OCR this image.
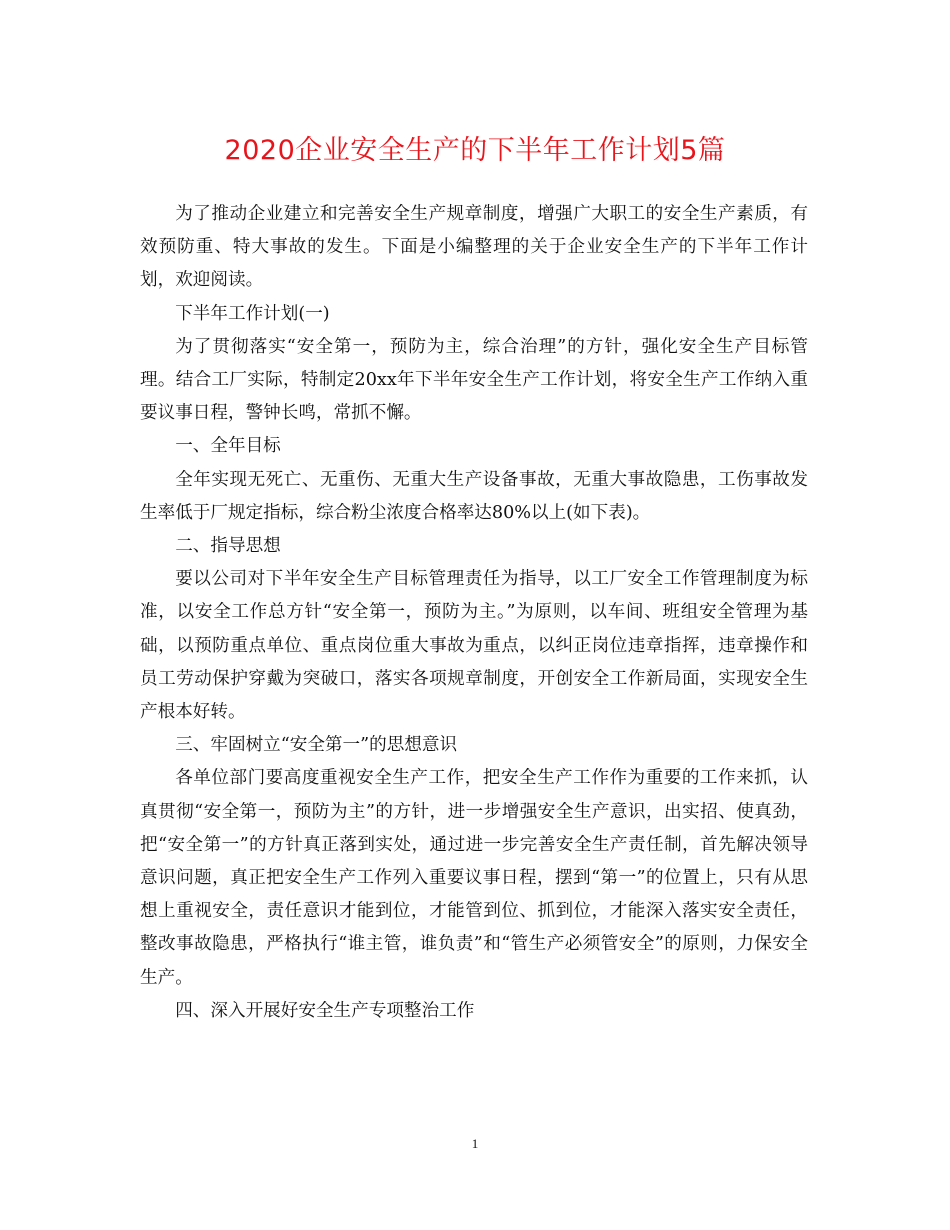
2020企业安全生产的下半年工作计划5篇

为了推动企业建立和完善安全生产规章制度，增强广大职工的安全生产素质，有效预防重、特大事故的发生。下面是小编整理的关于企业安全生产的下半年工作计划，欢迎阅读。

下半年工作计划(一)

为了贯彻落实“安全第一，预防为主，综合治理”的方针，强化安全生产目标管理。结合工厂实际，特制定20xx年下半年安全生产工作计划，将安全生产工作纳入重要议事日程，警钟长鸣，常抓不懈。

一、全年目标

全年实现无死亡、无重伤、无重大生产设备事故，无重大事故隐患，工伤事故发生率低于厂规定指标，综合粉尘浓度合格率达80%以上(如下表)。

二、指导思想

要以公司对下半年安全生产目标管理责任为指导，以工厂安全工作管理制度为标准，以安全工作总方针“安全第一，预防为主。”为原则，以车间、班组安全管理为基础，以预防重点单位、重点岗位重大事故为重点，以纠正岗位违章指挥，违章操作和员工劳动保护穿戴为突破口，落实各项规章制度，开创安全工作新局面，实现安全生产根本好转。

三、牢固树立“安全第一”的思想意识

各单位部门要高度重视安全生产工作，把安全生产工作作为重要的工作来抓，认真贯彻“安全第一，预防为主”的方针，进一步增强安全生产意识，出实招、使真劲，把“安全第一”的方针真正落到实处，通过进一步完善安全生产责任制，首先解决领导意识问题，真正把安全生产工作列入重要议事日程，摆到“第一”的位置上，只有从思想上重视安全，责任意识才能到位，才能管到位、抓到位，才能深入落实安全责任，整改事故隐患，严格执行“谁主管，谁负责”和“管生产必须管安全”的原则，力保安全生产。

四、深入开展好安全生产专项整治工作

1
